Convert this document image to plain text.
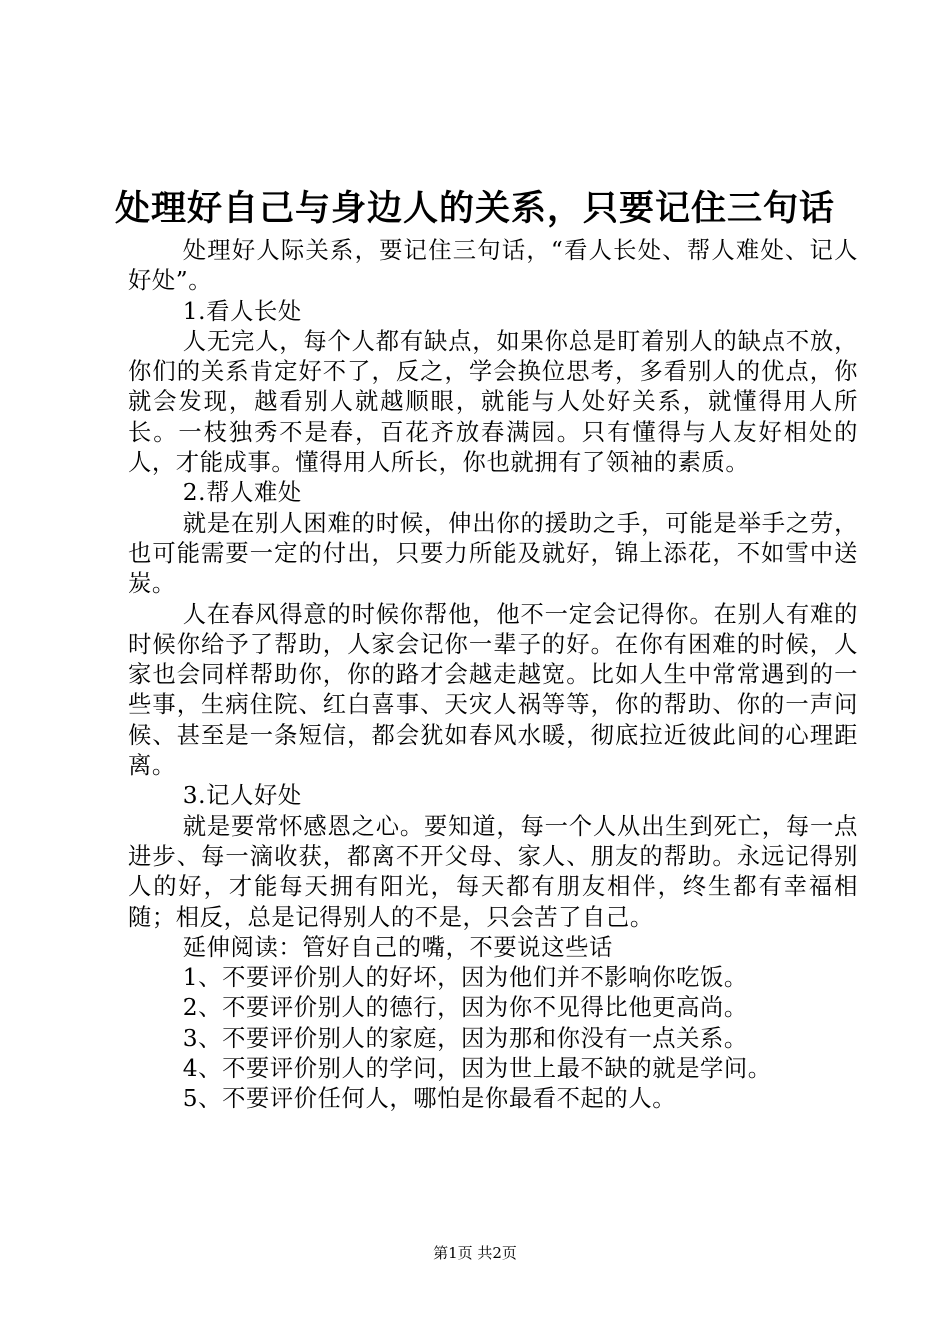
处理好自己与身边人的关系，只要记住三句话

处理好人际关系，要记住三句话，“看人长处、帮人难处、记人好处”。

1.看人长处

人无完人，每个人都有缺点，如果你总是盯着别人的缺点不放，你们的关系肯定好不了，反之，学会换位思考，多看别人的优点，你就会发现，越看别人就越顺眼，就能与人处好关系，就懂得用人所长。一枝独秀不是春，百花齐放春满园。只有懂得与人友好相处的人，才能成事。懂得用人所长，你也就拥有了领袖的素质。

2.帮人难处

就是在别人困难的时候，伸出你的援助之手，可能是举手之劳，也可能需要一定的付出，只要力所能及就好，锦上添花，不如雪中送炭。

人在春风得意的时候你帮他，他不一定会记得你。在别人有难的时候你给予了帮助，人家会记你一辈子的好。在你有困难的时候，人家也会同样帮助你，你的路才会越走越宽。比如人生中常常遇到的一些事，生病住院、红白喜事、天灾人祸等等，你的帮助、你的一声问候、甚至是一条短信，都会犹如春风水暖，彻底拉近彼此间的心理距离。

3.记人好处

就是要常怀感恩之心。要知道，每一个人从出生到死亡，每一点进步、每一滴收获，都离不开父母、家人、朋友的帮助。永远记得别人的好，才能每天拥有阳光，每天都有朋友相伴，终生都有幸福相随；相反，总是记得别人的不是，只会苦了自己。

延伸阅读：管好自己的嘴，不要说这些话

1、不要评价别人的好坏，因为他们并不影响你吃饭。

2、不要评价别人的德行，因为你不见得比他更高尚。

3、不要评价别人的家庭，因为那和你没有一点关系。

4、不要评价别人的学问，因为世上最不缺的就是学问。

5、不要评价任何人，哪怕是你最看不起的人。

第1页 共2页
